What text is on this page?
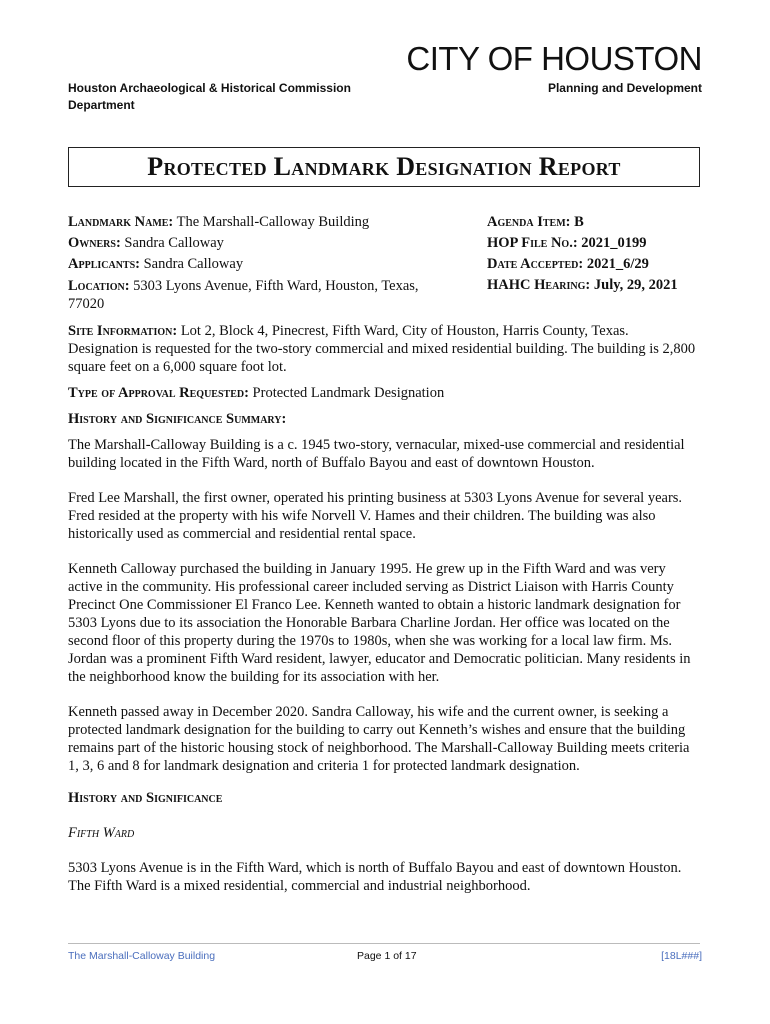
CITY OF HOUSTON
Houston Archaeological & Historical Commission Department
Planning and Development
Protected Landmark Designation Report
Landmark Name: The Marshall-Calloway Building
Owners: Sandra Calloway
Applicants: Sandra Calloway
Location: 5303 Lyons Avenue, Fifth Ward, Houston, Texas, 77020
Agenda Item: B
HOP File No.: 2021_0199
Date Accepted: 2021_6/29
HAHC Hearing: July, 29, 2021

Site Information: Lot 2, Block 4, Pinecrest, Fifth Ward, City of Houston, Harris County, Texas. Designation is requested for the two-story commercial and mixed residential building. The building is 2,800 square feet on a 6,000 square foot lot.

Type of Approval Requested: Protected Landmark Designation

History and Significance Summary:

The Marshall-Calloway Building is a c. 1945 two-story, vernacular, mixed-use commercial and residential building located in the Fifth Ward, north of Buffalo Bayou and east of downtown Houston.

Fred Lee Marshall, the first owner, operated his printing business at 5303 Lyons Avenue for several years. Fred resided at the property with his wife Norvell V. Hames and their children. The building was also historically used as commercial and residential rental space.

Kenneth Calloway purchased the building in January 1995. He grew up in the Fifth Ward and was very active in the community. His professional career included serving as District Liaison with Harris County Precinct One Commissioner El Franco Lee. Kenneth wanted to obtain a historic landmark designation for 5303 Lyons due to its association the Honorable Barbara Charline Jordan. Her office was located on the second floor of this property during the 1970s to 1980s, when she was working for a local law firm. Ms. Jordan was a prominent Fifth Ward resident, lawyer, educator and Democratic politician. Many residents in the neighborhood know the building for its association with her.

Kenneth passed away in December 2020. Sandra Calloway, his wife and the current owner, is seeking a protected landmark designation for the building to carry out Kenneth’s wishes and ensure that the building remains part of the historic housing stock of neighborhood. The Marshall-Calloway Building meets criteria 1, 3, 6 and 8 for landmark designation and criteria 1 for protected landmark designation.

History and Significance

Fifth Ward

5303 Lyons Avenue is in the Fifth Ward, which is north of Buffalo Bayou and east of downtown Houston. The Fifth Ward is a mixed residential, commercial and industrial neighborhood.

The Marshall-Calloway Building	Page 1 of 17	[18L###]
